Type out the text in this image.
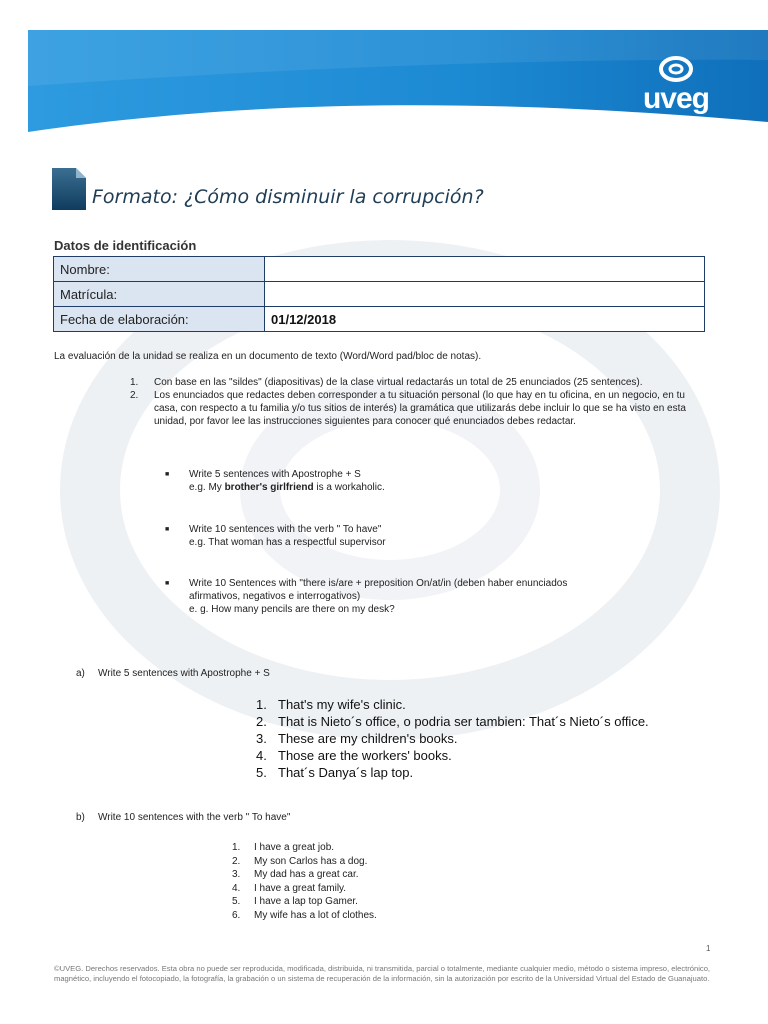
uveg
Formato: ¿Cómo disminuir la corrupción?
Datos de identificación
Nombre:	
Matrícula:	
Fecha de elaboración:	01/12/2018

La evaluación de la unidad se realiza en un documento de texto (Word/Word pad/bloc de notas).

1. Con base en las "sildes" (diapositivas) de la clase virtual redactarás un total de 25 enunciados (25 sentences).
2. Los enunciados que redactes deben corresponder a tu situación personal (lo que hay en tu oficina, en un negocio, en tu casa, con respecto a tu familia y/o tus sitios de interés) la gramática que utilizarás debe incluir lo que se ha visto en esta unidad, por favor lee las instrucciones siguientes para conocer qué enunciados debes redactar.
■ Write 5 sentences with Apostrophe + S
e.g. My brother's girlfriend is a workaholic.
■ Write 10 sentences with the verb " To have"
e.g. That woman has a respectful supervisor
■ Write 10 Sentences with "there is/are + preposition On/at/in (deben haber enunciados
afirmativos, negativos e interrogativos)
e. g. How many pencils are there on my desk?
a) Write 5 sentences with Apostrophe + S
1. That's my wife's clinic.
2. That is Nieto´s office, o podria ser tambien: That´s Nieto´s office.
3. These are my children's books.
4. Those are the workers' books.
5. That´s Danya´s lap top.
b) Write 10 sentences with the verb " To have"
1. I have a great job.
2. My son Carlos has a dog.
3. My dad has a great car.
4. I have a great family.
5. I have a lap top Gamer.
6. My wife has a lot of clothes.
1
©UVEG. Derechos reservados. Esta obra no puede ser reproducida, modificada, distribuida, ni transmitida, parcial o totalmente, mediante cualquier medio, método o sistema impreso, electrónico, magnético, incluyendo el fotocopiado, la fotografía, la grabación o un sistema de recuperación de la información, sin la autorización por escrito de la Universidad Virtual del Estado de Guanajuato.
